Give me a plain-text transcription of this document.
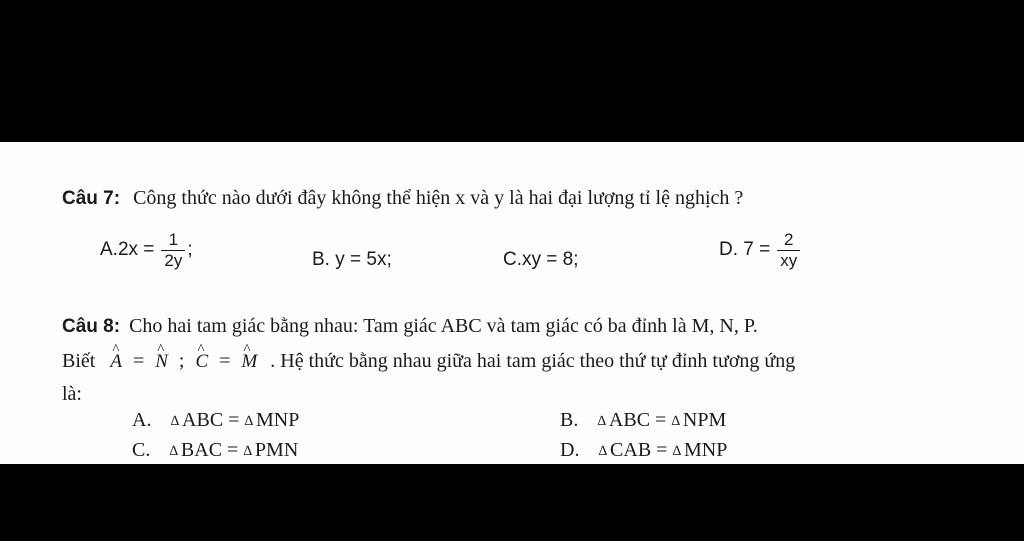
Câu 7: Công thức nào dưới đây không thể hiện x và y là hai đại lượng tỉ lệ nghịch ?
$A.2x = \frac{1}{2y}$ ;	B. y = 5x;	C.xy = 8;	D. $7 = \frac{2}{xy}$
Câu 8: Cho hai tam giác bằng nhau: Tam giác ABC và tam giác có ba đỉnh là M, N, P.
Biết ^ A = ^ N ; ^ C = ^ M . Hệ thức bằng nhau giữa hai tam giác theo thứ tự đỉnh tương ứng
là:
A. ∆ ABC = ∆ MNP	B. ∆ ABC = ∆ NPM
C. ∆ BAC = ∆ PMN	D. ∆ CAB = ∆ MNP
